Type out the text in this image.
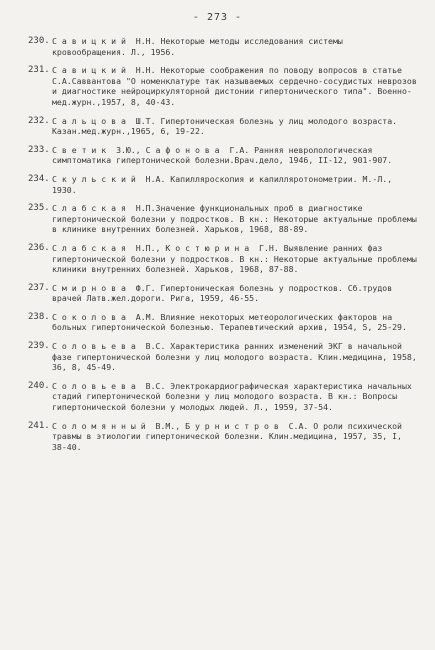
- 273 -
230. С а в и ц к и й  Н.Н. Некоторые методы исследования системы кровообращения. Л., 1956.
231. С а в и ц к и й  Н.Н. Некоторые соображения по поводу вопросов в статье С.А.Саввантова "О номенклатуре так называемых сердечно-сосудистых неврозов и диагностике нейроциркуляторной дистонии гипертонического типа". Военно-мед.журн.,1957, 8, 40-43.
232. С а л ь ц о в а  Ш.Т. Гипертоническая болезнь у лиц молодого возраста. Казан.мед.журн.,1965, 6, 19-22.
233. С в е т и к  З.Ю., С а ф о н о в а  Г.А. Ранняя невролологическая симптоматика гипертонической болезни.Врач.дело, 1946, II-12, 901-907.
234. С к у л ь с к и й  Н.А. Капилляроскопия и капилляротонометрии. М.-Л., 1930.
235. С л а б с к а я  Н.П.Значение функциональных проб в диагностике гипертонической болезни у подростков. В кн.: Некоторые актуальные проблемы в клинике внутренних болезней. Харьков, 1968, 88-89.
236. С л а б с к а я  Н.П., К о с т ю р и н а  Г.Н. Выявление ранних фаз гипертонической болезни у подростков. В кн.: Некоторые актуальные проблемы клиники внутренних болезней. Харьков, 1968, 87-88.
237. С м и р н о в а  Ф.Г. Гипертоническая болезнь у подростков. Сб.трудов врачей Латв.жел.дороги. Рига, 1959, 46-55.
238. С о к о л о в а  А.М. Влияние некоторых метеорологических факторов на больных гипертонической болезнью. Терапевтический архив, 1954, 5, 25-29.
239. С о л о в ь е в а  В.С. Характеристика ранних изменений ЭКГ в начальной фазе гипертонической болезни у лиц молодого возраста. Клин.медицина, 1958, 36, 8, 45-49.
240. С о л о в ь е в а  В.С. Электрокардиографическая характеристика начальных стадий гипертонической болезни у лиц молодого возраста. В кн.: Вопросы гипертонической болезни у молодых людей. Л., 1959, 37-54.
241. С о л о м я н н ы й  В.М., Б у р н и с т р о в  С.А. О роли психической травмы в этиологии гипертонической болезни. Клин.медицина, 1957, 35, I, 38-40.
